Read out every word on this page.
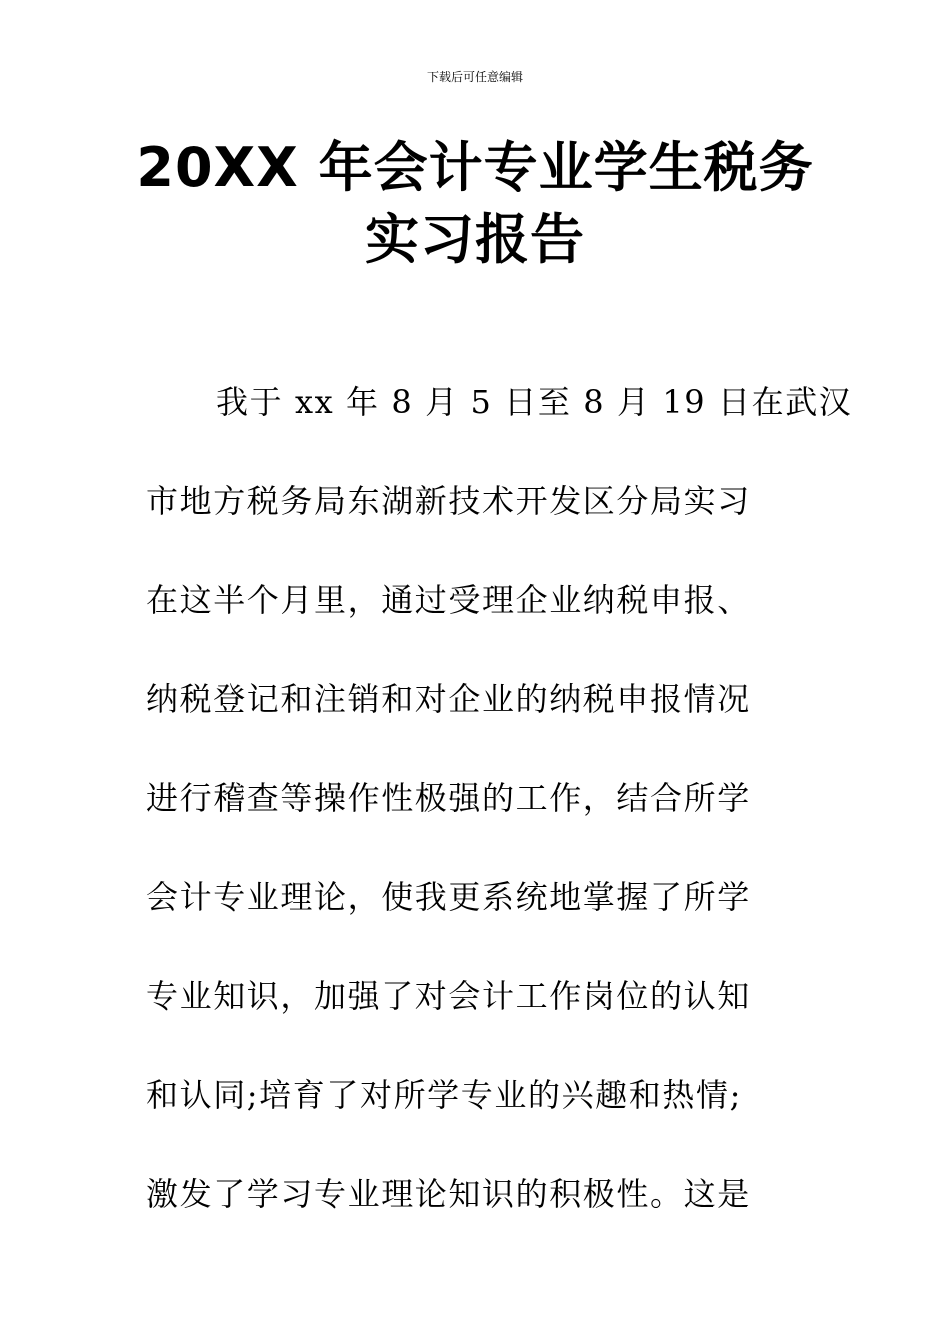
下载后可任意编辑
20XX 年会计专业学生税务
实习报告
我于 xx 年 8 月 5 日至 8 月 19 日在武汉
市地方税务局东湖新技术开发区分局实习
在这半个月里，通过受理企业纳税申报、
纳税登记和注销和对企业的纳税申报情况
进行稽查等操作性极强的工作，结合所学
会计专业理论，使我更系统地掌握了所学
专业知识，加强了对会计工作岗位的认知
和认同;培育了对所学专业的兴趣和热情;
激发了学习专业理论知识的积极性。这是
